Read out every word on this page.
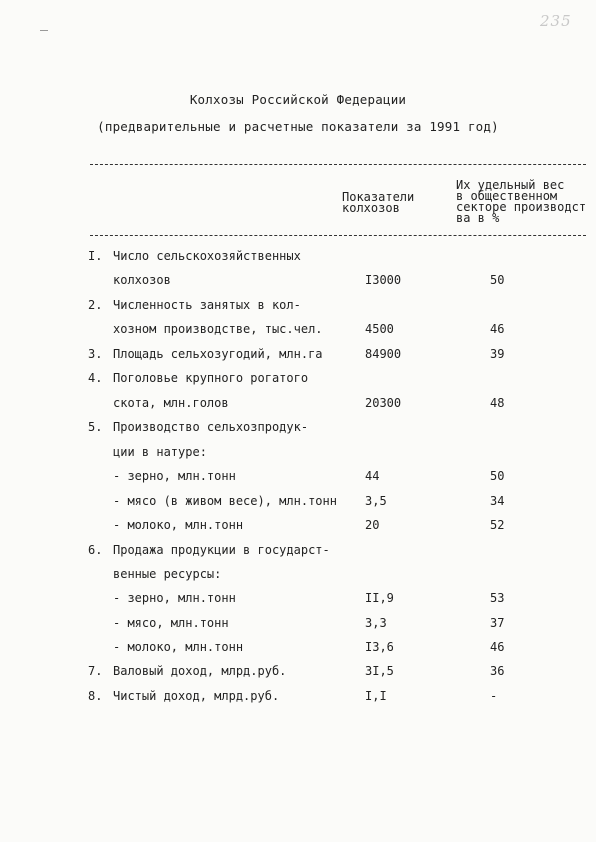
235
Колхозы Российской Федерации
(предварительные и расчетные показатели за 1991 год)
Показатели
колхозов
Их удельный вес
в общественном
секторе производст
ва в %
I. Число сельскохозяйственных
колхозов	I3000	50
2. Численность занятых в кол-
хозном производстве, тыс.чел.	4500	46
3. Площадь сельхозугодий, млн.га	84900	39
4. Поголовье крупного рогатого
скота, млн.голов	20300	48
5. Производство сельхозпродук-
ции в натуре:
- зерно, млн.тонн	44	50
- мясо (в живом весе), млн.тонн 3,5	34
- молоко, млн.тонн	20	52
6. Продажа продукции в государст-
венные ресурсы:
- зерно, млн.тонн	II,9	53
- мясо, млн.тонн	3,3	37
- молоко, млн.тонн	I3,6	46
7. Валовый доход, млрд.руб.	3I,5	36
8. Чистый доход, млрд.руб.	I,I	-
